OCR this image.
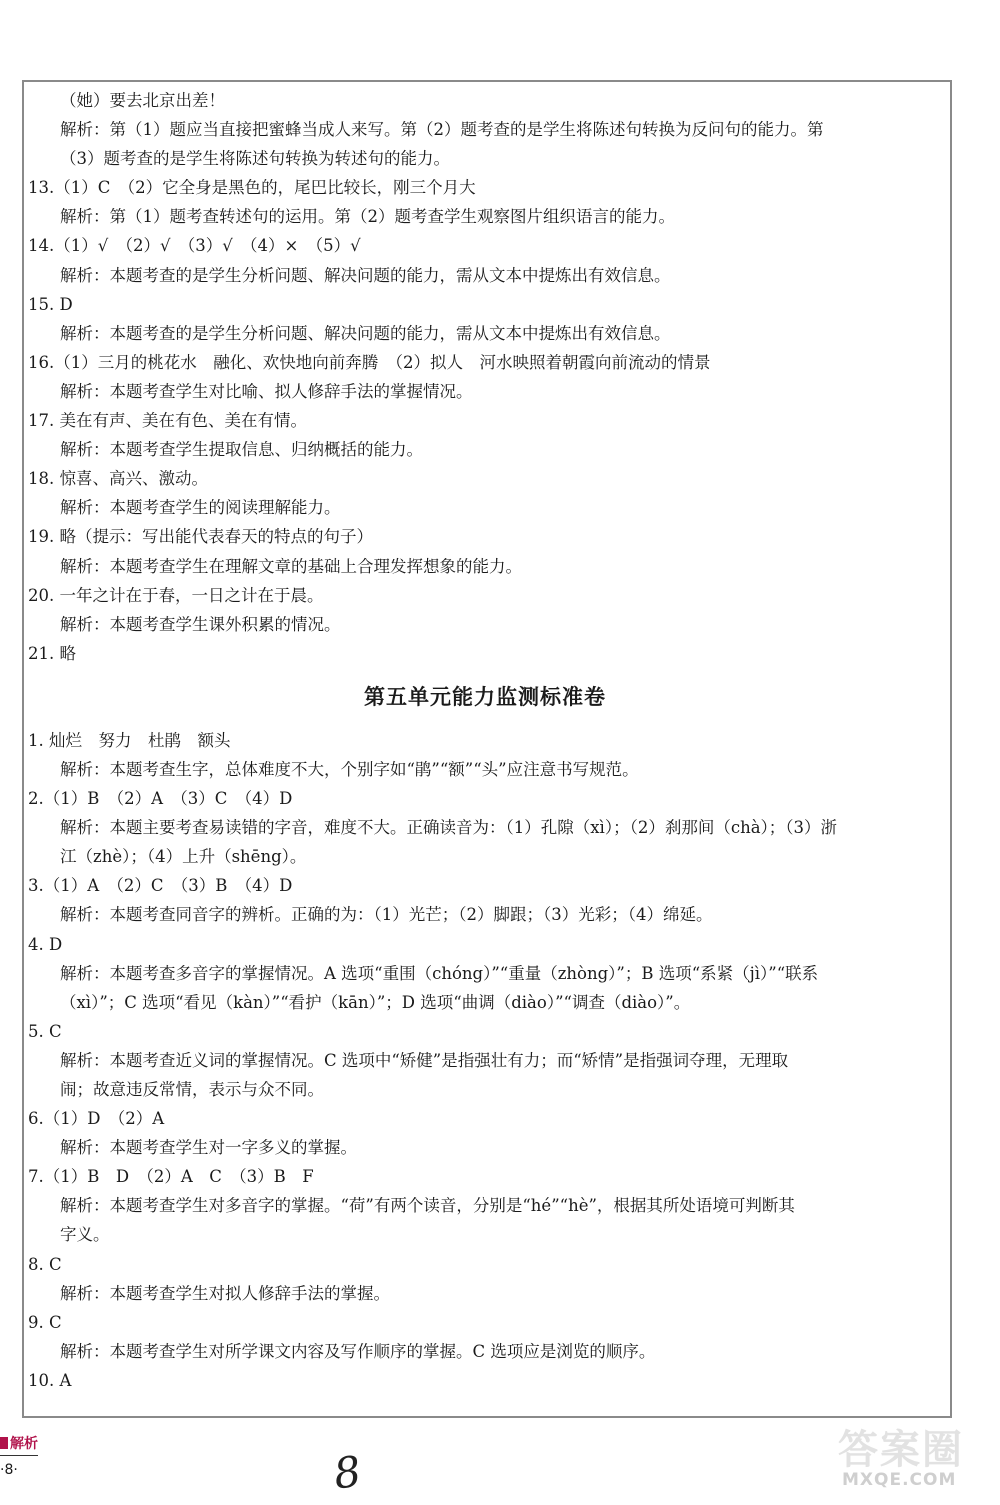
（她）要去北京出差！
解析：第（1）题应当直接把蜜蜂当成人来写。第（2）题考查的是学生将陈述句转换为反问句的能力。第
（3）题考查的是学生将陈述句转换为转述句的能力。
13.（1）C　（2）它全身是黑色的，尾巴比较长，刚三个月大
解析：第（1）题考查转述句的运用。第（2）题考查学生观察图片组织语言的能力。
14.（1）√　（2）√　（3）√　（4）×　（5）√
解析：本题考查的是学生分析问题、解决问题的能力，需从文本中提炼出有效信息。
15. D
解析：本题考查的是学生分析问题、解决问题的能力，需从文本中提炼出有效信息。
16.（1）三月的桃花水　融化、欢快地向前奔腾　（2）拟人　河水映照着朝霞向前流动的情景
解析：本题考查学生对比喻、拟人修辞手法的掌握情况。
17. 美在有声、美在有色、美在有情。
解析：本题考查学生提取信息、归纳概括的能力。
18. 惊喜、高兴、激动。
解析：本题考查学生的阅读理解能力。
19. 略（提示：写出能代表春天的特点的句子）
解析：本题考查学生在理解文章的基础上合理发挥想象的能力。
20. 一年之计在于春，一日之计在于晨。
解析：本题考查学生课外积累的情况。
21. 略
第五单元能力监测标准卷
1. 灿烂　努力　杜鹃　额头
解析：本题考查生字，总体难度不大，个别字如“鹃”“额”“头”应注意书写规范。
2.（1）B　（2）A　（3）C　（4）D
解析：本题主要考查易读错的字音，难度不大。正确读音为：（1）孔隙（xì）；（2）刹那间（chà）；（3）浙
江（zhè）；（4）上升（shēng）。
3.（1）A　（2）C　（3）B　（4）D
解析：本题考查同音字的辨析。正确的为：（1）光芒；（2）脚跟；（3）光彩；（4）绵延。
4. D
解析：本题考查多音字的掌握情况。A 选项“重围（chóng）”“重量（zhòng）”；B 选项“系紧（jì）”“联系
（xì）”；C 选项“看见（kàn）”“看护（kān）”；D 选项“曲调（diào）”“调查（diào）”。
5. C
解析：本题考查近义词的掌握情况。C 选项中“矫健”是指强壮有力；而“矫情”是指强词夺理，无理取
闹；故意违反常情，表示与众不同。
6.（1）D　（2）A
解析：本题考查学生对一字多义的掌握。
7.（1）B　D　（2）A　C　（3）B　F
解析：本题考查学生对多音字的掌握。“荷”有两个读音，分别是“hé”“hè”，根据其所处语境可判断其
字义。
8. C
解析：本题考查学生对拟人修辞手法的掌握。
9. C
解析：本题考查学生对所学课文内容及写作顺序的掌握。C 选项应是浏览的顺序。
10. A
解析
·8·	8	答案圈
MXQE.COM
